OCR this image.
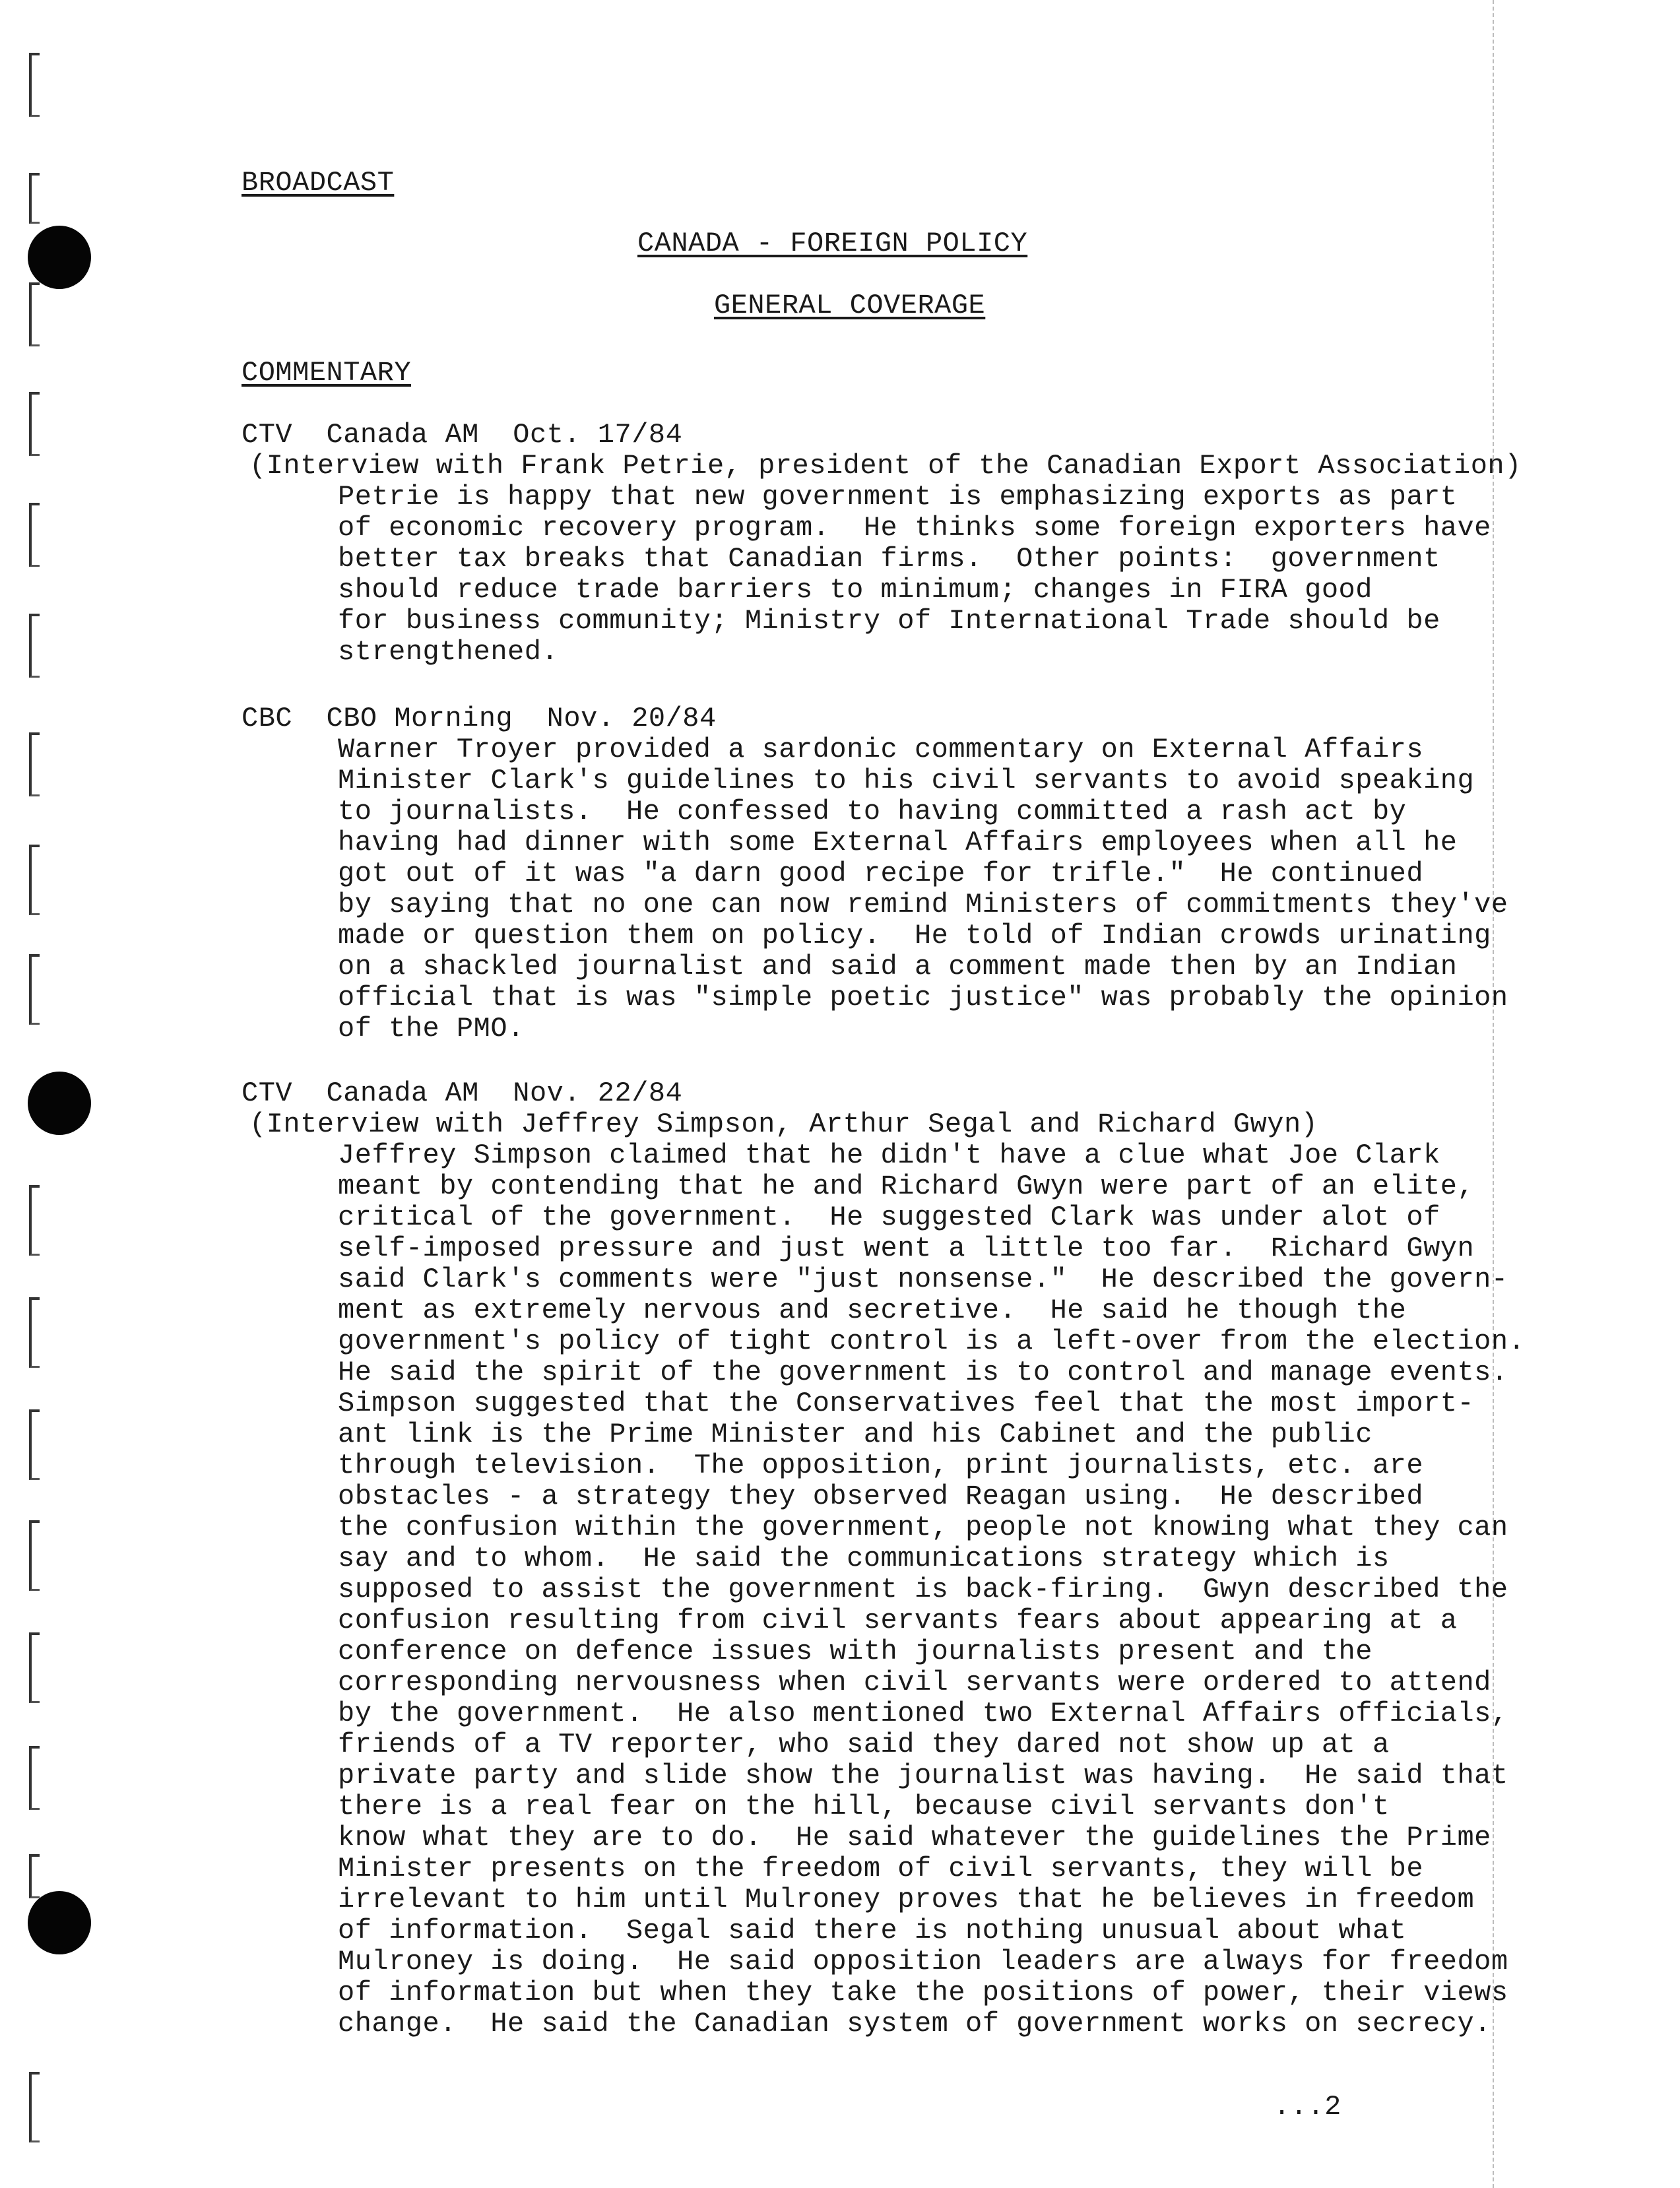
BROADCAST
CANADA - FOREIGN POLICY
GENERAL COVERAGE
COMMENTARY
CTV  Canada AM  Oct. 17/84
(Interview with Frank Petrie, president of the Canadian Export Association)
Petrie is happy that new government is emphasizing exports as part
of economic recovery program.  He thinks some foreign exporters have
better tax breaks that Canadian firms.  Other points:  government
should reduce trade barriers to minimum; changes in FIRA good
for business community; Ministry of International Trade should be
strengthened.
CBC  CBO Morning  Nov. 20/84
Warner Troyer provided a sardonic commentary on External Affairs
Minister Clark's guidelines to his civil servants to avoid speaking
to journalists.  He confessed to having committed a rash act by
having had dinner with some External Affairs employees when all he
got out of it was "a darn good recipe for trifle."  He continued
by saying that no one can now remind Ministers of commitments they've
made or question them on policy.  He told of Indian crowds urinating
on a shackled journalist and said a comment made then by an Indian
official that is was "simple poetic justice" was probably the opinion
of the PMO.
CTV  Canada AM  Nov. 22/84
(Interview with Jeffrey Simpson, Arthur Segal and Richard Gwyn)
Jeffrey Simpson claimed that he didn't have a clue what Joe Clark
meant by contending that he and Richard Gwyn were part of an elite,
critical of the government.  He suggested Clark was under alot of
self-imposed pressure and just went a little too far.  Richard Gwyn
said Clark's comments were "just nonsense."  He described the govern-
ment as extremely nervous and secretive.  He said he though the
government's policy of tight control is a left-over from the election.
He said the spirit of the government is to control and manage events.
Simpson suggested that the Conservatives feel that the most import-
ant link is the Prime Minister and his Cabinet and the public
through television.  The opposition, print journalists, etc. are
obstacles - a strategy they observed Reagan using.  He described
the confusion within the government, people not knowing what they can
say and to whom.  He said the communications strategy which is
supposed to assist the government is back-firing.  Gwyn described the
confusion resulting from civil servants fears about appearing at a
conference on defence issues with journalists present and the
corresponding nervousness when civil servants were ordered to attend
by the government.  He also mentioned two External Affairs officials,
friends of a TV reporter, who said they dared not show up at a
private party and slide show the journalist was having.  He said that
there is a real fear on the hill, because civil servants don't
know what they are to do.  He said whatever the guidelines the Prime
Minister presents on the freedom of civil servants, they will be
irrelevant to him until Mulroney proves that he believes in freedom
of information.  Segal said there is nothing unusual about what
Mulroney is doing.  He said opposition leaders are always for freedom
of information but when they take the positions of power, their views
change.  He said the Canadian system of government works on secrecy.
...2
